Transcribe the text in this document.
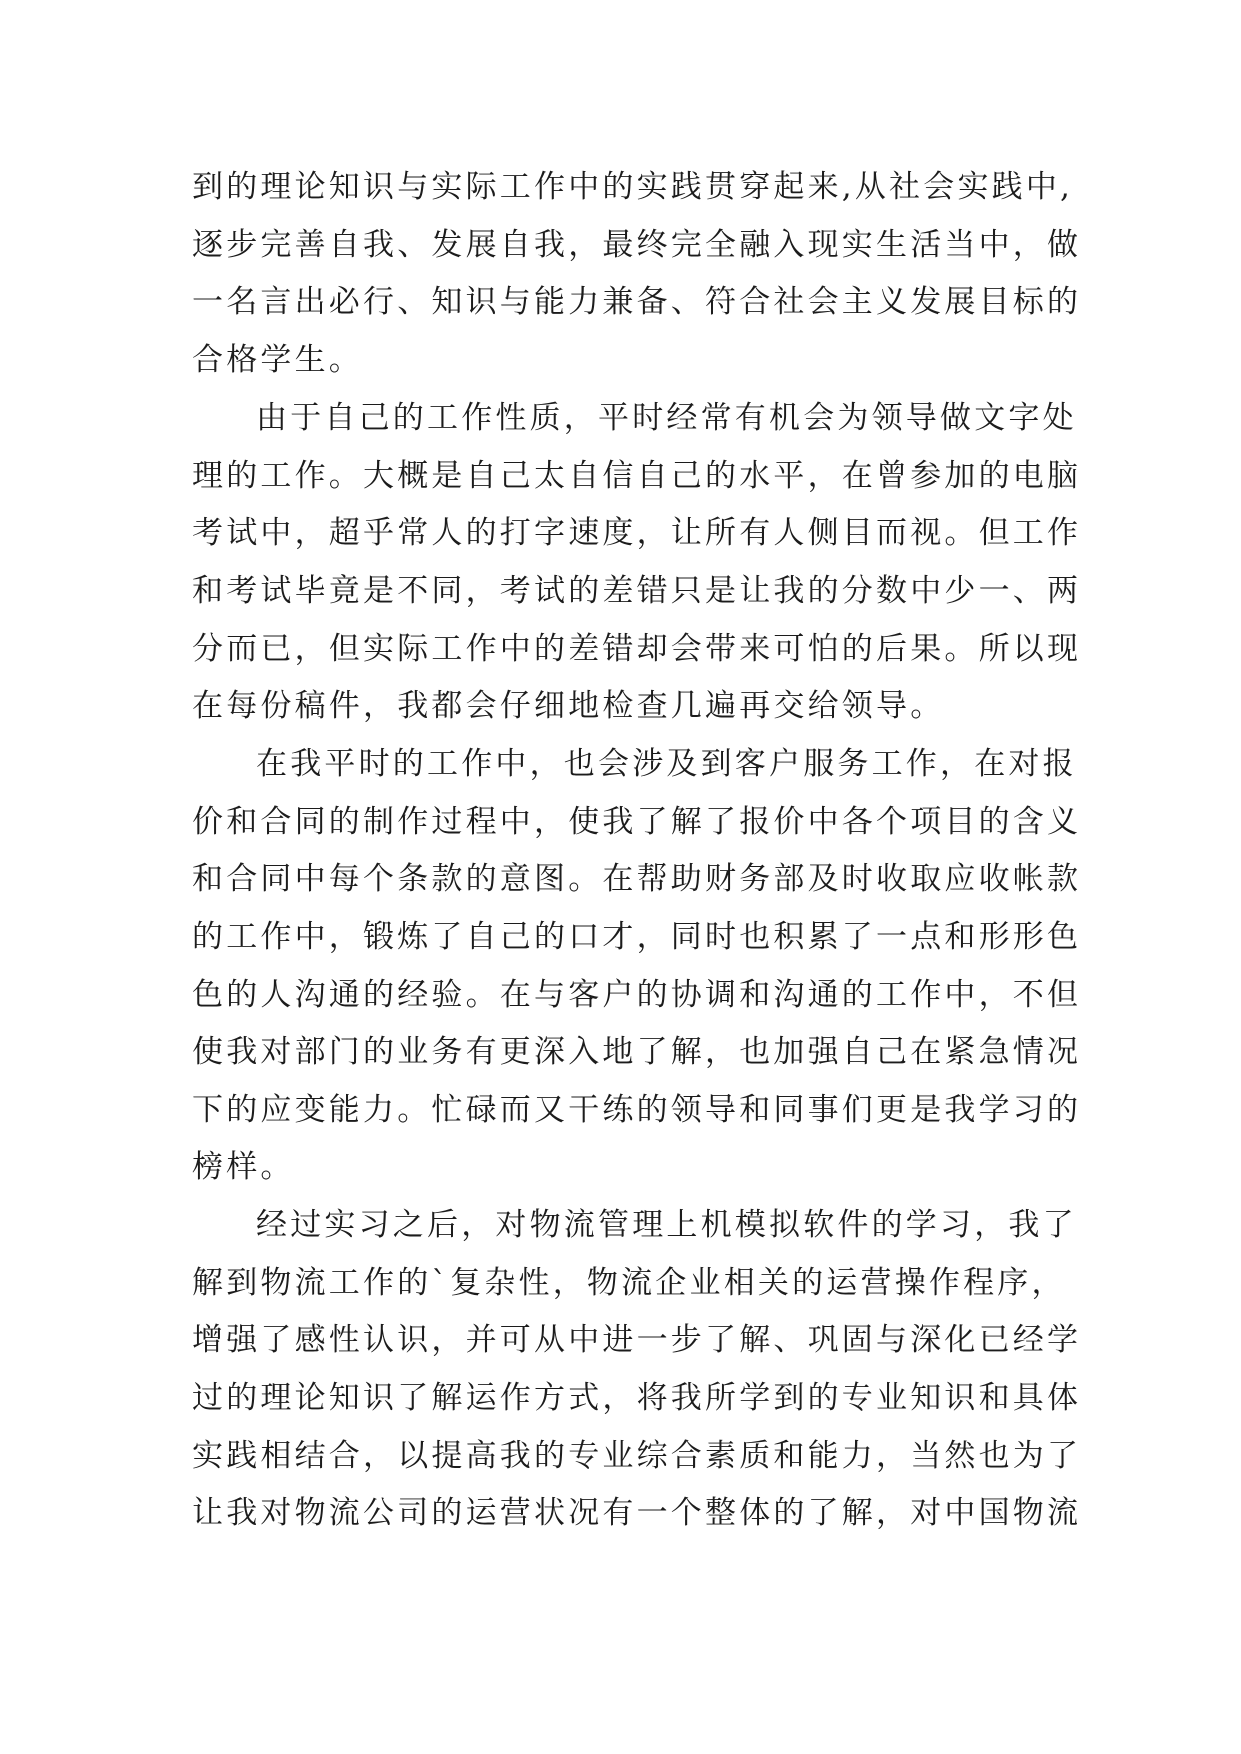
到的理论知识与实际工作中的实践贯穿起来,从社会实践中,
逐步完善自我、发展自我，最终完全融入现实生活当中，做
一名言出必行、知识与能力兼备、符合社会主义发展目标的
合格学生。
由于自己的工作性质，平时经常有机会为领导做文字处
理的工作。大概是自己太自信自己的水平，在曾参加的电脑
考试中，超乎常人的打字速度，让所有人侧目而视。但工作
和考试毕竟是不同，考试的差错只是让我的分数中少一、两
分而已，但实际工作中的差错却会带来可怕的后果。所以现
在每份稿件，我都会仔细地检查几遍再交给领导。
在我平时的工作中，也会涉及到客户服务工作，在对报
价和合同的制作过程中，使我了解了报价中各个项目的含义
和合同中每个条款的意图。在帮助财务部及时收取应收帐款
的工作中，锻炼了自己的口才，同时也积累了一点和形形色
色的人沟通的经验。在与客户的协调和沟通的工作中，不但
使我对部门的业务有更深入地了解，也加强自己在紧急情况
下的应变能力。忙碌而又干练的领导和同事们更是我学习的
榜样。
经过实习之后，对物流管理上机模拟软件的学习，我了
解到物流工作的`复杂性，物流企业相关的运营操作程序，
增强了感性认识，并可从中进一步了解、巩固与深化已经学
过的理论知识了解运作方式，将我所学到的专业知识和具体
实践相结合，以提高我的专业综合素质和能力，当然也为了
让我对物流公司的运营状况有一个整体的了解，对中国物流
